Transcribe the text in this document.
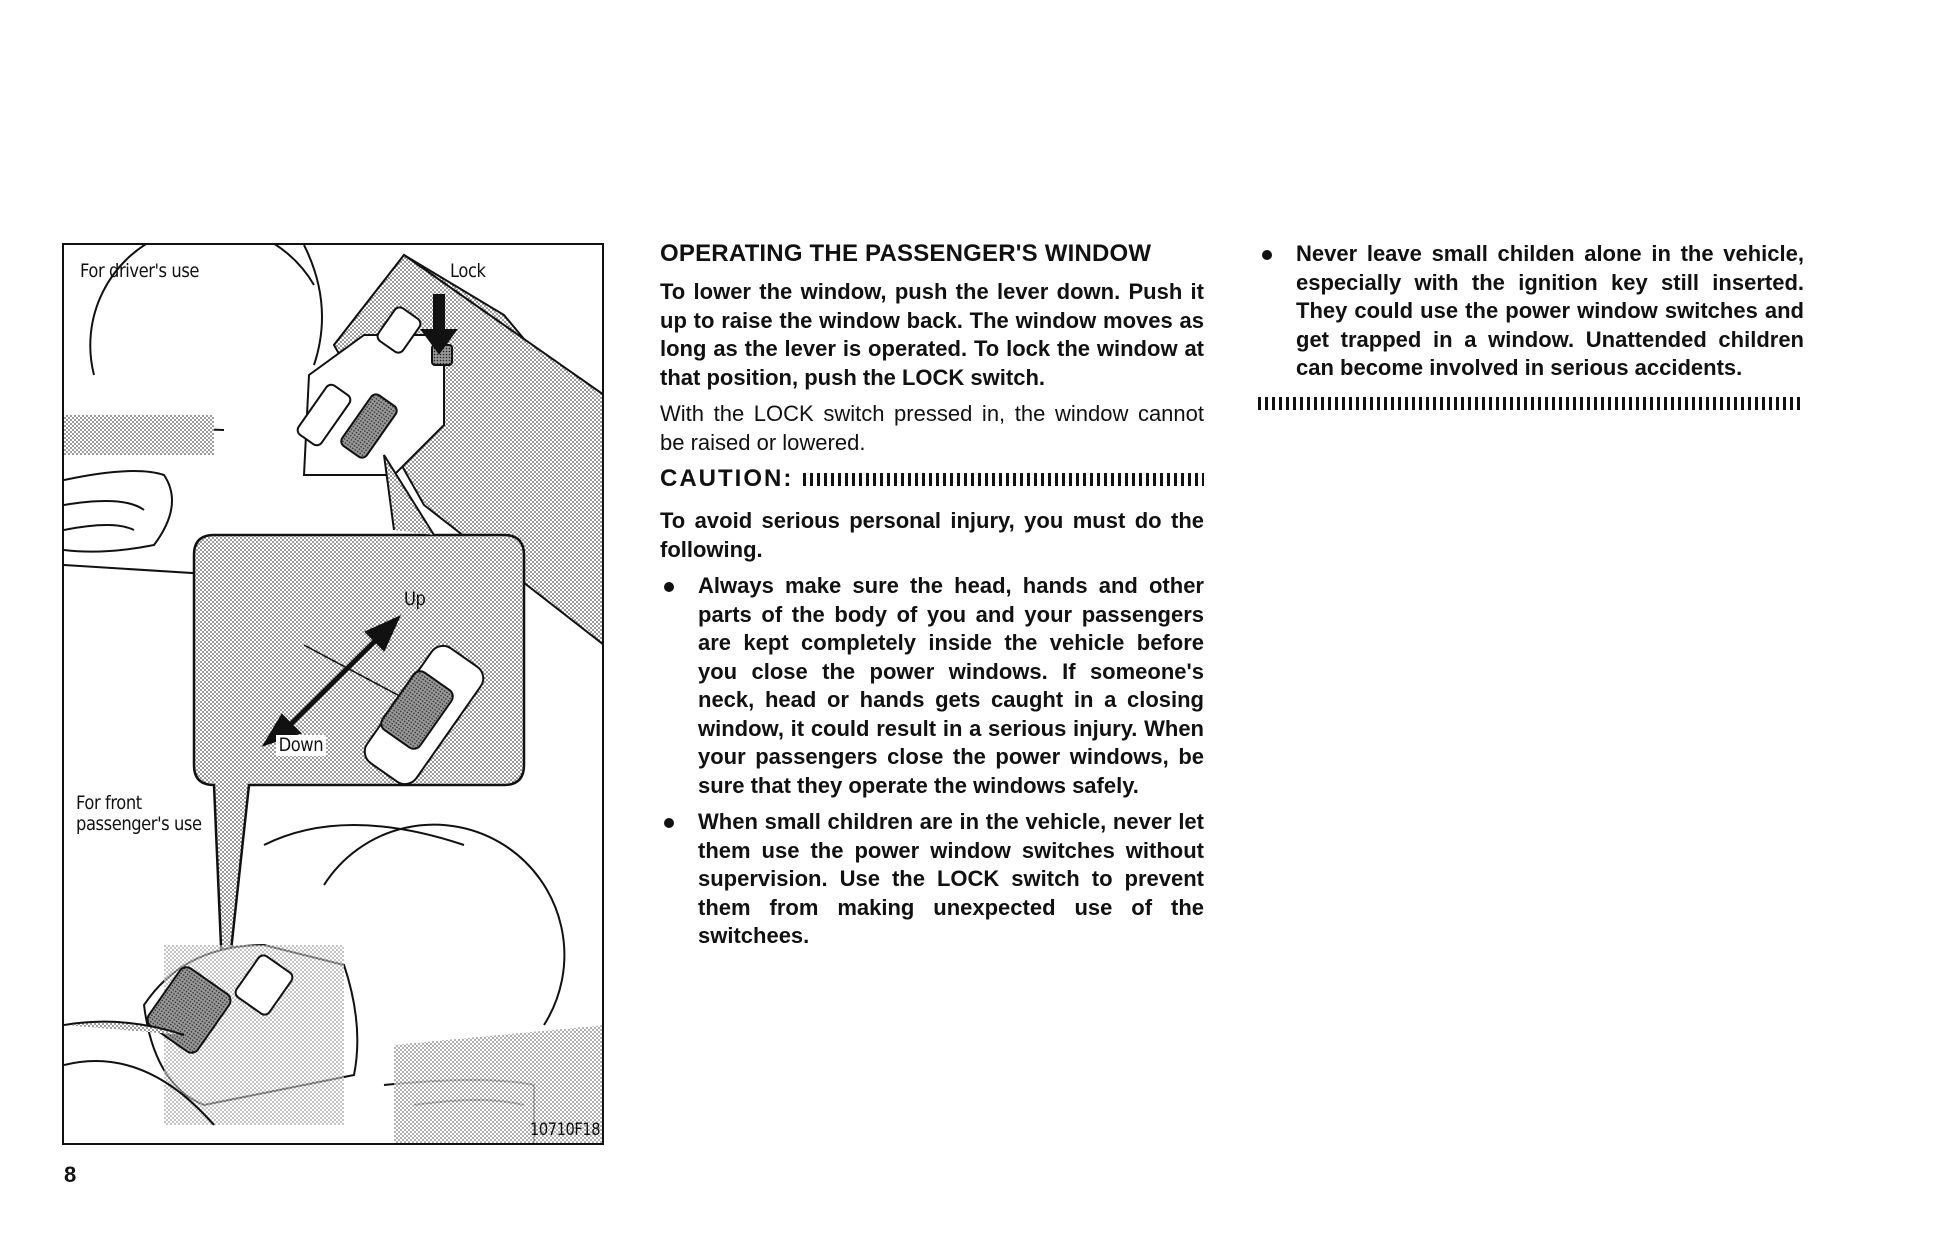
For driver's use	Lock
Up
Down
For front
passenger's use
10710F18
OPERATING THE PASSENGER'S WINDOW

To lower the window, push the lever down. Push it up to raise the window back. The window moves as long as the lever is operated. To lock the window at that position, push the LOCK switch.

With the LOCK switch pressed in, the window cannot be raised or lowered.

CAUTION:

To avoid serious personal injury, you must do the following.

Always make sure the head, hands and other parts of the body of you and your passengers are kept completely inside the vehicle before you close the power windows. If someone's neck, head or hands gets caught in a closing window, it could result in a serious injury. When your passengers close the power windows, be sure that they operate the windows safely.
When small children are in the vehicle, never let them use the power window switches without supervision. Use the LOCK switch to prevent them from making unexpected use of the switchees.
Never leave small childen alone in the vehicle, especially with the ignition key still inserted. They could use the power window switches and get trapped in a window. Unattended children can become involved in serious accidents.
8
